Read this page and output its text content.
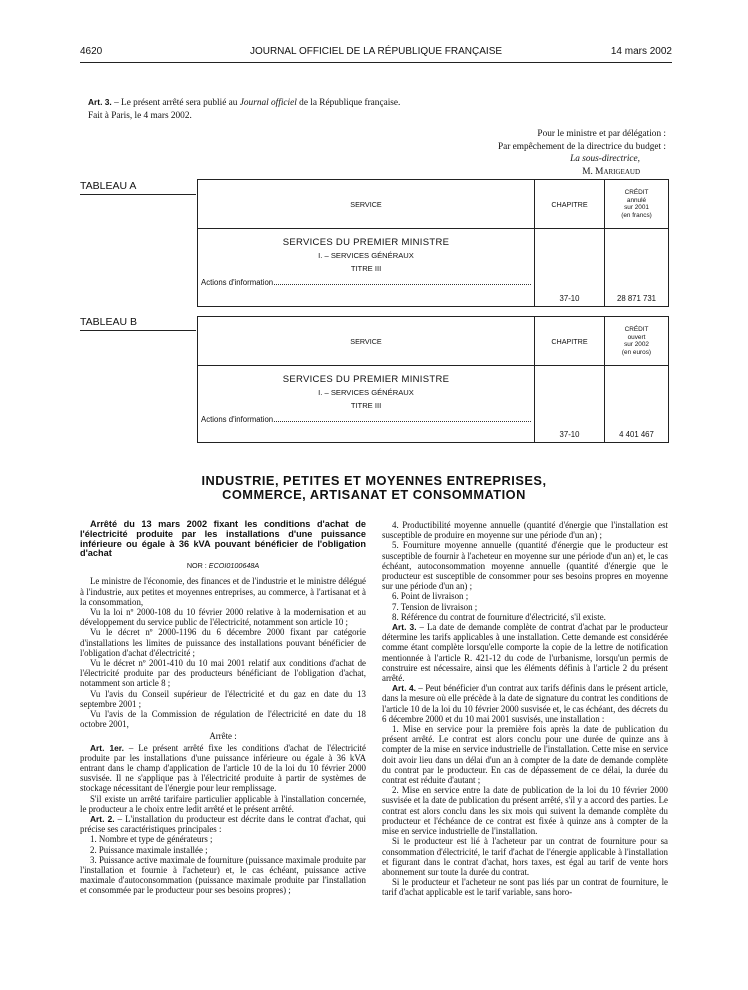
4620	JOURNAL OFFICIEL DE LA RÉPUBLIQUE FRANÇAISE	14 mars 2002
Art. 3. – Le présent arrêté sera publié au Journal officiel de la République française.
Fait à Paris, le 4 mars 2002.
Pour le ministre et par délégation :
Par empêchement de la directrice du budget :
La sous-directrice,
M. Marigeaud
TABLEAU A
SERVICE	CHAPITRE	CRÉDIT
annulé
sur 2001
(en francs)

SERVICES DU PREMIER MINISTRE
I. – SERVICES GÉNÉRAUX
TITRE III
Actions d'information	37-10	28 871 731
TABLEAU B
SERVICE	CHAPITRE	CRÉDIT
ouvert
sur 2002
(en euros)

SERVICES DU PREMIER MINISTRE
I. – SERVICES GÉNÉRAUX
TITRE III
Actions d'information	37-10	4 401 467
INDUSTRIE, PETITES ET MOYENNES ENTREPRISES,
COMMERCE, ARTISANAT ET CONSOMMATION

Arrêté du 13 mars 2002 fixant les conditions d'achat de l'électricité produite par les installations d'une puissance inférieure ou égale à 36 kVA pouvant bénéficier de l'obligation d'achat

NOR : ECOI0100648A

Le ministre de l'économie, des finances et de l'industrie et le ministre délégué à l'industrie, aux petites et moyennes entreprises, au commerce, à l'artisanat et à la consommation,

Vu la loi nº 2000-108 du 10 février 2000 relative à la modernisation et au développement du service public de l'électricité, notamment son article 10 ;

Vu le décret nº 2000-1196 du 6 décembre 2000 fixant par catégorie d'installations les limites de puissance des installations pouvant bénéficier de l'obligation d'achat d'électricité ;

Vu le décret nº 2001-410 du 10 mai 2001 relatif aux conditions d'achat de l'électricité produite par des producteurs bénéficiant de l'obligation d'achat, notamment son article 8 ;

Vu l'avis du Conseil supérieur de l'électricité et du gaz en date du 13 septembre 2001 ;

Vu l'avis de la Commission de régulation de l'électricité en date du 18 octobre 2001,

Arrête :

Art. 1er. – Le présent arrêté fixe les conditions d'achat de l'électricité produite par les installations d'une puissance inférieure ou égale à 36 kVA entrant dans le champ d'application de l'article 10 de la loi du 10 février 2000 susvisée. Il ne s'applique pas à l'électricité produite à partir de systèmes de stockage nécessitant de l'énergie pour leur remplissage.

S'il existe un arrêté tarifaire particulier applicable à l'installation concernée, le producteur a le choix entre ledit arrêté et le présent arrêté.

Art. 2. – L'installation du producteur est décrite dans le contrat d'achat, qui précise ses caractéristiques principales :

1. Nombre et type de générateurs ;

2. Puissance maximale installée ;

3. Puissance active maximale de fourniture (puissance maximale produite par l'installation et fournie à l'acheteur) et, le cas échéant, puissance active maximale d'autoconsommation (puissance maximale produite par l'installation et consommée par le producteur pour ses besoins propres) ;

4. Productibilité moyenne annuelle (quantité d'énergie que l'installation est susceptible de produire en moyenne sur une période d'un an) ;

5. Fourniture moyenne annuelle (quantité d'énergie que le producteur est susceptible de fournir à l'acheteur en moyenne sur une période d'un an) et, le cas échéant, autoconsommation moyenne annuelle (quantité d'énergie que le producteur est susceptible de consommer pour ses besoins propres en moyenne sur une période d'un an) ;

6. Point de livraison ;

7. Tension de livraison ;

8. Référence du contrat de fourniture d'électricité, s'il existe.

Art. 3. – La date de demande complète de contrat d'achat par le producteur détermine les tarifs applicables à une installation. Cette demande est considérée comme étant complète lorsqu'elle comporte la copie de la lettre de notification mentionnée à l'article R. 421-12 du code de l'urbanisme, lorsqu'un permis de construire est nécessaire, ainsi que les éléments définis à l'article 2 du présent arrêté.

Art. 4. – Peut bénéficier d'un contrat aux tarifs définis dans le présent article, dans la mesure où elle précède à la date de signature du contrat les conditions de l'article 10 de la loi du 10 février 2000 susvisée et, le cas échéant, des décrets du 6 décembre 2000 et du 10 mai 2001 susvisés, une installation :

1. Mise en service pour la première fois après la date de publication du présent arrêté. Le contrat est alors conclu pour une durée de quinze ans à compter de la mise en service industrielle de l'installation. Cette mise en service doit avoir lieu dans un délai d'un an à compter de la date de demande complète du contrat par le producteur. En cas de dépassement de ce délai, la durée du contrat est réduite d'autant ;

2. Mise en service entre la date de publication de la loi du 10 février 2000 susvisée et la date de publication du présent arrêté, s'il y a accord des parties. Le contrat est alors conclu dans les six mois qui suivent la demande complète du producteur et l'échéance de ce contrat est fixée à quinze ans à compter de la mise en service industrielle de l'installation.

Si le producteur est lié à l'acheteur par un contrat de fourniture pour sa consommation d'électricité, le tarif d'achat de l'énergie applicable à l'installation et figurant dans le contrat d'achat, hors taxes, est égal au tarif de vente hors abonnement sur toute la durée du contrat.

Si le producteur et l'acheteur ne sont pas liés par un contrat de fourniture, le tarif d'achat applicable est le tarif variable, sans horo-
